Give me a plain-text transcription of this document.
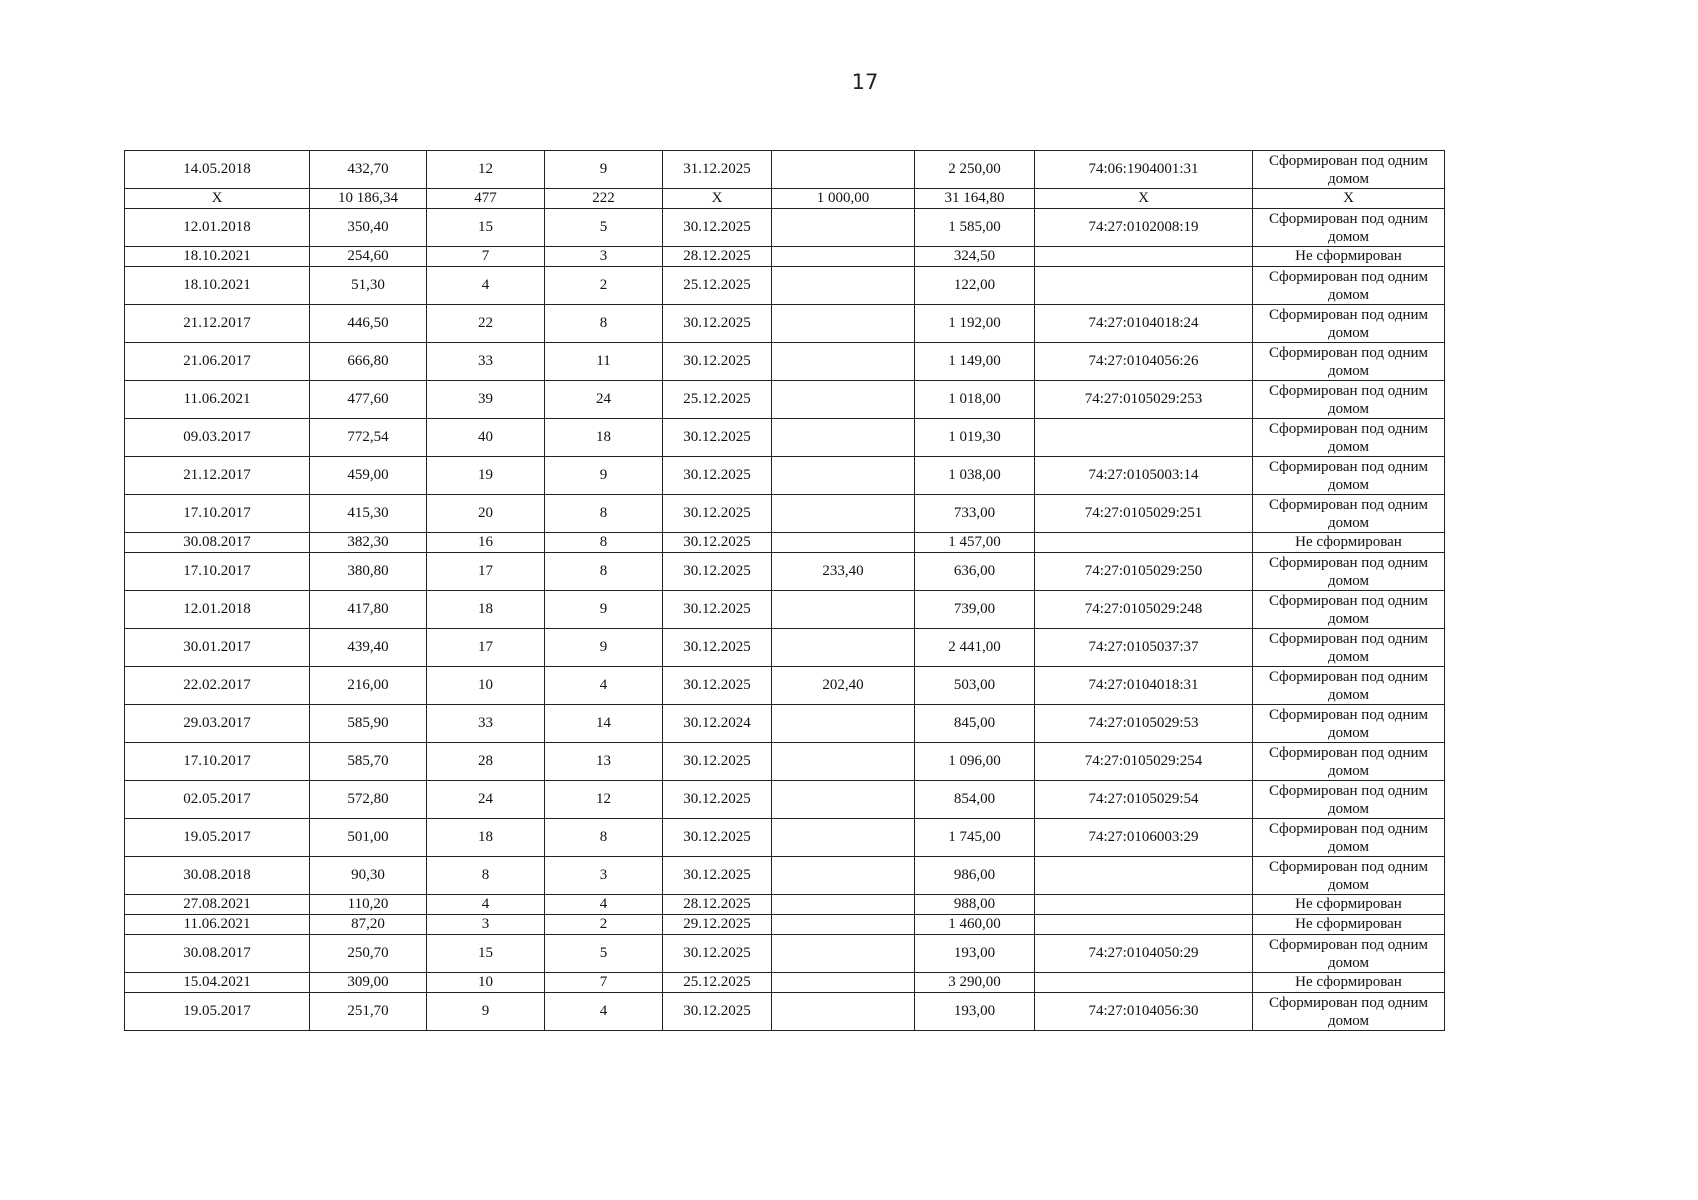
17
14.05.2018	432,70	12	9	31.12.2025		2 250,00	74:06:1904001:31	Сформирован под одним домом
Х	10 186,34	477	222	Х	1 000,00	31 164,80	Х	Х
12.01.2018	350,40	15	5	30.12.2025		1 585,00	74:27:0102008:19	Сформирован под одним домом
18.10.2021	254,60	7	3	28.12.2025		324,50		Не сформирован
18.10.2021	51,30	4	2	25.12.2025		122,00		Сформирован под одним домом
21.12.2017	446,50	22	8	30.12.2025		1 192,00	74:27:0104018:24	Сформирован под одним домом
21.06.2017	666,80	33	11	30.12.2025		1 149,00	74:27:0104056:26	Сформирован под одним домом
11.06.2021	477,60	39	24	25.12.2025		1 018,00	74:27:0105029:253	Сформирован под одним домом
09.03.2017	772,54	40	18	30.12.2025		1 019,30		Сформирован под одним домом
21.12.2017	459,00	19	9	30.12.2025		1 038,00	74:27:0105003:14	Сформирован под одним домом
17.10.2017	415,30	20	8	30.12.2025		733,00	74:27:0105029:251	Сформирован под одним домом
30.08.2017	382,30	16	8	30.12.2025		1 457,00		Не сформирован
17.10.2017	380,80	17	8	30.12.2025	233,40	636,00	74:27:0105029:250	Сформирован под одним домом
12.01.2018	417,80	18	9	30.12.2025		739,00	74:27:0105029:248	Сформирован под одним домом
30.01.2017	439,40	17	9	30.12.2025		2 441,00	74:27:0105037:37	Сформирован под одним домом
22.02.2017	216,00	10	4	30.12.2025	202,40	503,00	74:27:0104018:31	Сформирован под одним домом
29.03.2017	585,90	33	14	30.12.2024		845,00	74:27:0105029:53	Сформирован под одним домом
17.10.2017	585,70	28	13	30.12.2025		1 096,00	74:27:0105029:254	Сформирован под одним домом
02.05.2017	572,80	24	12	30.12.2025		854,00	74:27:0105029:54	Сформирован под одним домом
19.05.2017	501,00	18	8	30.12.2025		1 745,00	74:27:0106003:29	Сформирован под одним домом
30.08.2018	90,30	8	3	30.12.2025		986,00		Сформирован под одним домом
27.08.2021	110,20	4	4	28.12.2025		988,00		Не сформирован
11.06.2021	87,20	3	2	29.12.2025		1 460,00		Не сформирован
30.08.2017	250,70	15	5	30.12.2025		193,00	74:27:0104050:29	Сформирован под одним домом
15.04.2021	309,00	10	7	25.12.2025		3 290,00		Не сформирован
19.05.2017	251,70	9	4	30.12.2025		193,00	74:27:0104056:30	Сформирован под одним домом
